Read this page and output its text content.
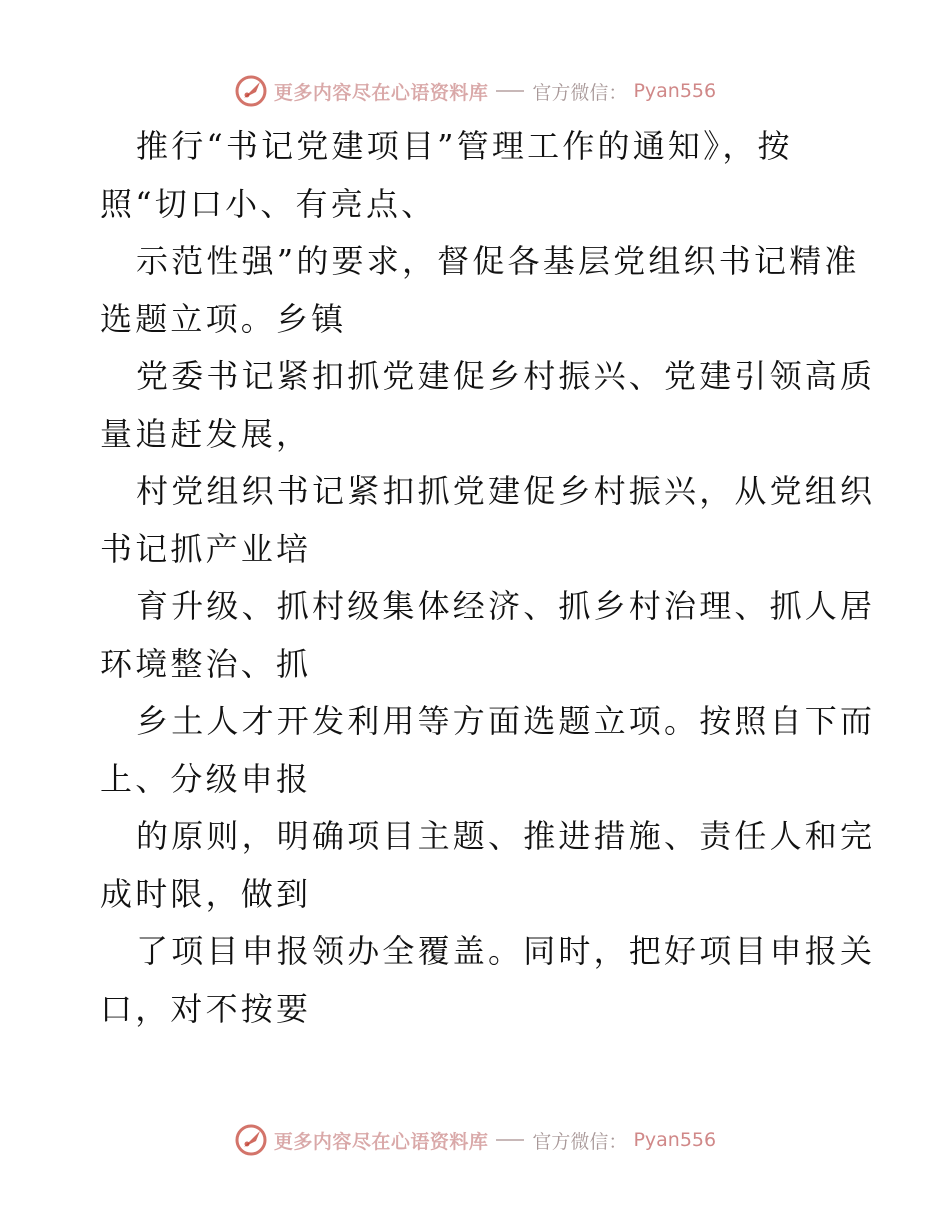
更多内容尽在心语资料库 官方微信： Pyan556
推行“书记党建项目”管理工作的通知》，按
照“切口小、有亮点、
示范性强”的要求，督促各基层党组织书记精准
选题立项。乡镇
党委书记紧扣抓党建促乡村振兴、党建引领高质
量追赶发展，
村党组织书记紧扣抓党建促乡村振兴，从党组织
书记抓产业培
育升级、抓村级集体经济、抓乡村治理、抓人居
环境整治、抓
乡土人才开发利用等方面选题立项。按照自下而
上、分级申报
的原则，明确项目主题、推进措施、责任人和完
成时限，做到
了项目申报领办全覆盖。同时，把好项目申报关
口，对不按要
更多内容尽在心语资料库 官方微信： Pyan556
